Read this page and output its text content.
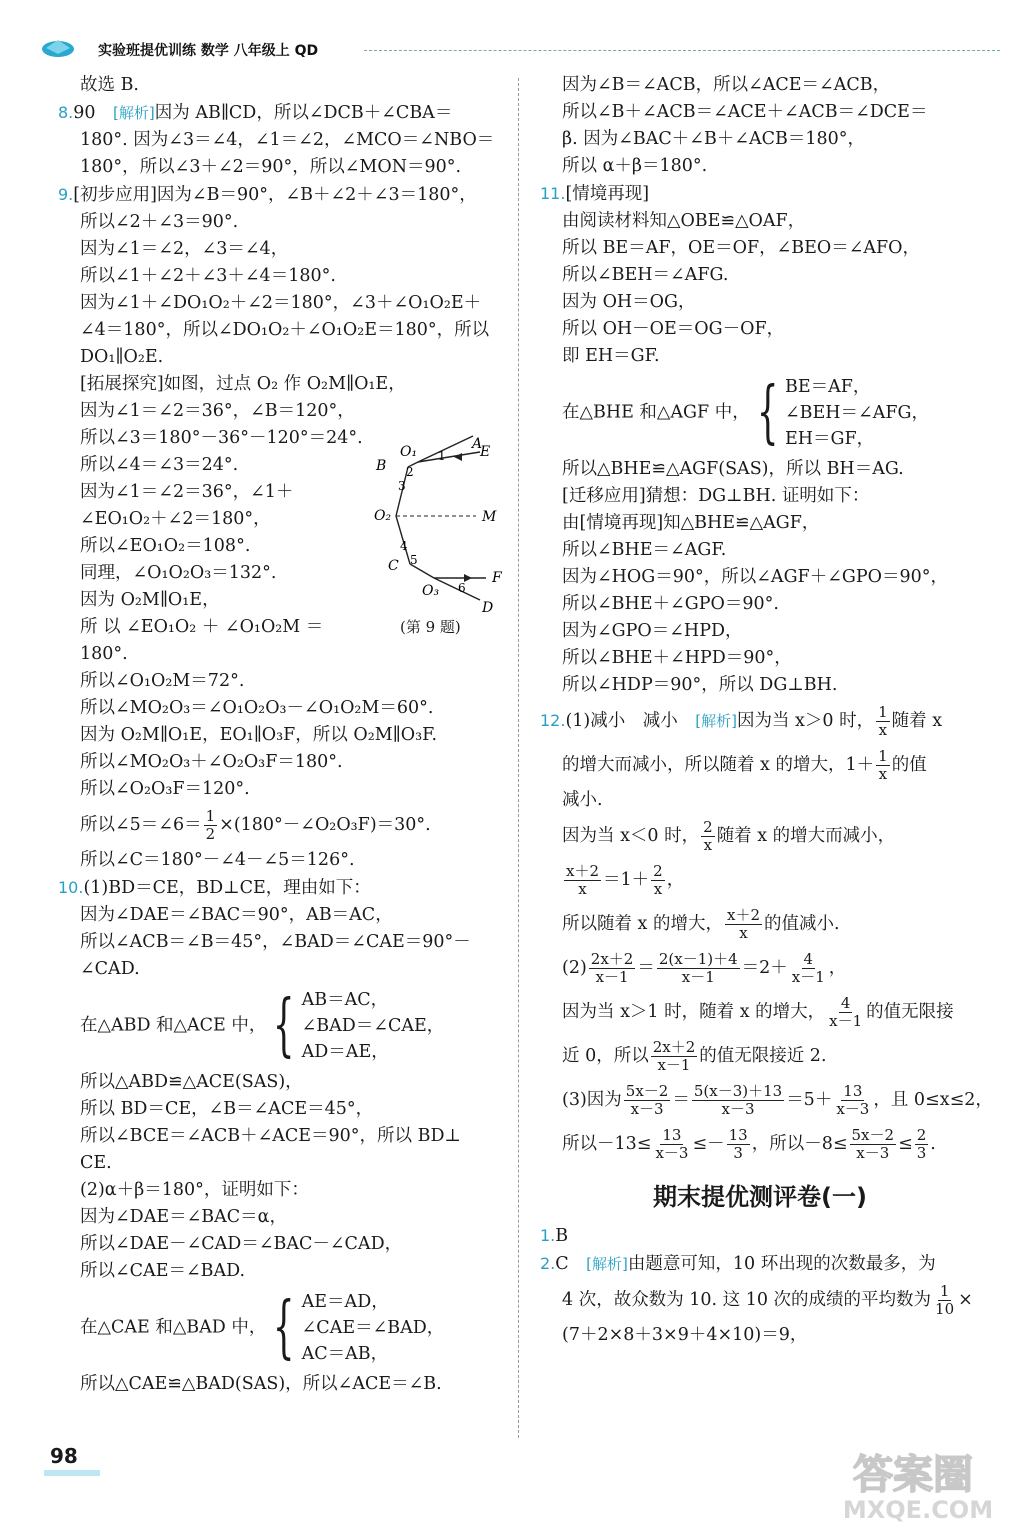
实验班提优训练 数学 八年级上 QD
故选 B.
8.90　 [解析]因为 AB∥CD，所以∠DCB＋∠CBA＝
180°. 因为∠3＝∠4，∠1＝∠2，∠MCO＝∠NBO＝
180°，所以∠3＋∠2＝90°，所以∠MON＝90°.
9.[初步应用]因为∠B＝90°，∠B＋∠2＋∠3＝180°，
所以∠2＋∠3＝90°.
因为∠1＝∠2，∠3＝∠4，
所以∠1＋∠2＋∠3＋∠4＝180°.
因为∠1＋∠DO₁O₂＋∠2＝180°，∠3＋∠O₁O₂E＋
∠4＝180°，所以∠DO₁O₂＋∠O₁O₂E＝180°，所以
DO₁∥O₂E.
[拓展探究]如图，过点 O₂ 作 O₂M∥O₁E，
因为∠1＝∠2＝36°，∠B＝120°，
所以∠3＝180°－36°－120°＝24°.
所以∠4＝∠3＝24°.
因为∠1＝∠2＝36°，∠1＋
∠EO₁O₂＋∠2＝180°，
所以∠EO₁O₂＝108°.
同理，∠O₁O₂O₃＝132°.
因为 O₂M∥O₁E，
所 以 ∠EO₁O₂ ＋ ∠O₁O₂M ＝
180°.
所以∠O₁O₂M＝72°.
所以∠MO₂O₃＝∠O₁O₂O₃－∠O₁O₂M＝60°.
因为 O₂M∥O₁E，EO₁∥O₃F，所以 O₂M∥O₃F.
所以∠MO₂O₃＋∠O₂O₃F＝180°.
所以∠O₂O₃F＝120°.
所以∠5＝∠6＝ $\frac{1}{2}$ ×(180°－∠O₂O₃F)＝30°.
所以∠C＝180°－∠4－∠5＝126°.
10.(1)BD＝CE，BD⊥CE，理由如下：
因为∠DAE＝∠BAC＝90°，AB＝AC，
所以∠ACB＝∠B＝45°，∠BAD＝∠CAE＝90°－
∠CAD.
在△ABD 和△ACE 中， { AB＝AC，
∠BAD＝∠CAE，
AD＝AE，
所以△ABD≌△ACE(SAS)，
所以 BD＝CE，∠B＝∠ACE＝45°，
所以∠BCE＝∠ACB＋∠ACE＝90°，所以 BD⊥
CE.
(2)α＋β＝180°，证明如下：
因为∠DAE＝∠BAC＝α，
所以∠DAE－∠CAD＝∠BAC－∠CAD，
所以∠CAE＝∠BAD.
在△CAE 和△BAD 中， { AE＝AD，
∠CAE＝∠BAD，
AC＝AB，
所以△CAE≌△BAD(SAS)，所以∠ACE＝∠B.
A
O₁	E
B
O₂	M
C
O₃
F
D
1
2
3
4
5
6
(第 9 题)
因为∠B＝∠ACB，所以∠ACE＝∠ACB，
所以∠B＋∠ACB＝∠ACE＋∠ACB＝∠DCE＝
β. 因为∠BAC＋∠B＋∠ACB＝180°，
所以 α＋β＝180°.
11.[情境再现]
由阅读材料知△OBE≌△OAF，
所以 BE＝AF，OE＝OF，∠BEO＝∠AFO，
所以∠BEH＝∠AFG.
因为 OH＝OG，
所以 OH－OE＝OG－OF，
即 EH＝GF.
在△BHE 和△AGF 中， { BE＝AF，
∠BEH＝∠AFG，
EH＝GF，
所以△BHE≌△AGF(SAS)，所以 BH＝AG.
[迁移应用]猜想：DG⊥BH. 证明如下：
由[情境再现]知△BHE≌△AGF，
所以∠BHE＝∠AGF.
因为∠HOG＝90°，所以∠AGF＋∠GPO＝90°，
所以∠BHE＋∠GPO＝90°.
因为∠GPO＝∠HPD，
所以∠BHE＋∠HPD＝90°，
所以∠HDP＝90°，所以 DG⊥BH.
12.(1)减小　减小　[解析]因为当 x＞0 时， $\frac{1}{x}$ 随着 x
的增大而减小，所以随着 x 的增大，$1+ \frac{1}{x}$ 的值
减小.
因为当 x＜0 时， $\frac{2}{x}$ 随着 x 的增大而减小，
$\frac{x+2}{x} =1+ \frac{2}{x}$ ，
所以随着 x 的增大， $\frac{x+2}{x}$ 的值减小.
$(2) \frac{2x+2}{x-1} = \frac{2(x-1)+4}{x-1} =2+ \frac{4}{x-1}$ ，
因为当 x＞1 时，随着 x 的增大， $\frac{4}{x-1}$ 的值无限接
近 0，所以 $\frac{2x+2}{x-1}$ 的值无限接近 2.
(3)因为 $\frac{5x-2}{x-3} = \frac{5(x-3)+13}{x-3} =5+ \frac{13}{x-3}$ ，且 0≤x≤2，
所以$-13\le \frac{13}{x-3} \le- \frac{13}{3}$ ，所以$-8\le \frac{5x-2}{x-3} \le \frac{2}{3}$ .
期末提优测评卷(一)
1.B
2.C　 [解析]由题意可知，10 环出现的次数最多，为
4 次，故众数为 10. 这 10 次的成绩的平均数为 $\frac{1}{10}$ ×
(7＋2×8＋3×9＋4×10)＝9，
98	答案圈
MXQE.COM
